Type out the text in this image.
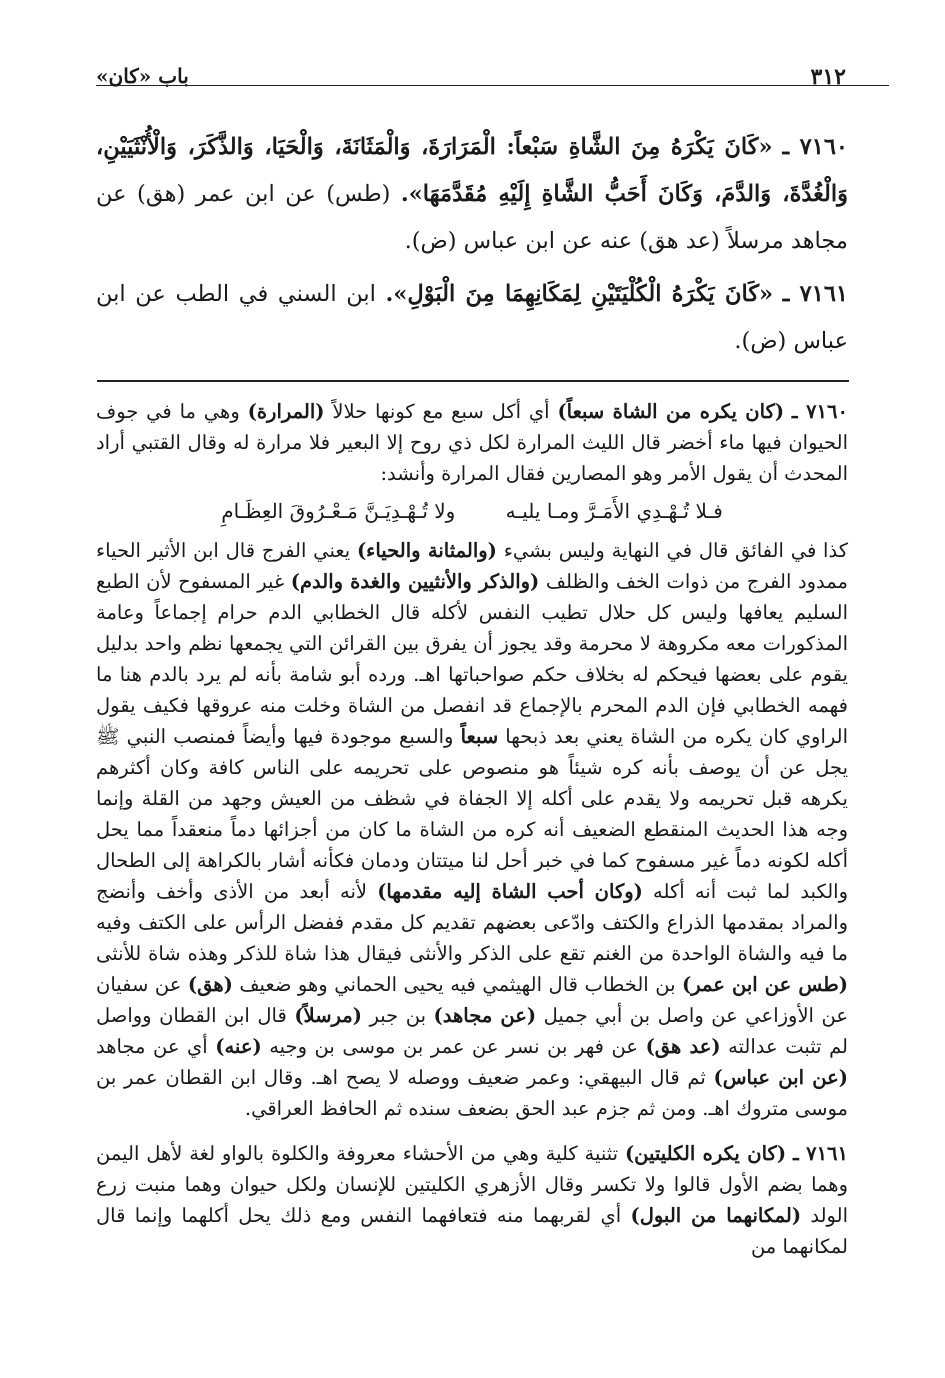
٣١٢
باب «كان»

٧١٦٠ ـ «كَانَ يَكْرَهُ مِنَ الشَّاةِ سَبْعاً: الْمَرَارَةَ، وَالْمَثَانَةَ، وَالْحَيَا، وَالذَّكَرَ، وَالْأُنْثَيَيْنِ، وَالْغُدَّةَ، وَالدَّمَ، وَكَانَ أَحَبُّ الشَّاةِ إِلَيْهِ مُقَدَّمَهَا». (طس) عن ابن عمر (هق) عن مجاهد مرسلاً (عد هق) عنه عن ابن عباس (ض).

٧١٦١ ـ «كَانَ يَكْرَهُ الْكُلْيَتَيْنِ لِمَكَانِهِمَا مِنَ الْبَوْلِ». ابن السني في الطب عن ابن عباس (ض).

٧١٦٠ ـ (كان يكره من الشاة سبعاً) أي أكل سبع مع كونها حلالاً (المرارة) وهي ما في جوف الحيوان فيها ماء أخضر قال الليث المرارة لكل ذي روح إلا البعير فلا مرارة له وقال القتبي أراد المحدث أن يقول الأمر وهو المصارين فقال المرارة وأنشد:

فـلا تُـهْـدِي الأَمَـرَّ ومـا يليـه ولا تُـهْـدِيَـنَّ مَـعْـرُوقَ العِظَـامِ

كذا في الفائق قال في النهاية وليس بشيء (والمثانة والحياء) يعني الفرج قال ابن الأثير الحياء ممدود الفرج من ذوات الخف والظلف (والذكر والأنثيين والغدة والدم) غير المسفوح لأن الطبع السليم يعافها وليس كل حلال تطيب النفس لأكله قال الخطابي الدم حرام إجماعاً وعامة المذكورات معه مكروهة لا محرمة وقد يجوز أن يفرق بين القرائن التي يجمعها نظم واحد بدليل يقوم على بعضها فيحكم له بخلاف حكم صواحباتها اهـ. ورده أبو شامة بأنه لم يرد بالدم هنا ما فهمه الخطابي فإن الدم المحرم بالإجماع قد انفصل من الشاة وخلت منه عروقها فكيف يقول الراوي كان يكره من الشاة يعني بعد ذبحها سبعاً والسبع موجودة فيها وأيضاً فمنصب النبي ﷺ يجل عن أن يوصف بأنه كره شيئاً هو منصوص على تحريمه على الناس كافة وكان أكثرهم يكرهه قبل تحريمه ولا يقدم على أكله إلا الجفاة في شظف من العيش وجهد من القلة وإنما وجه هذا الحديث المنقطع الضعيف أنه كره من الشاة ما كان من أجزائها دماً منعقداً مما يحل أكله لكونه دماً غير مسفوح كما في خبر أحل لنا ميتتان ودمان فكأنه أشار بالكراهة إلى الطحال والكبد لما ثبت أنه أكله (وكان أحب الشاة إليه مقدمها) لأنه أبعد من الأذى وأخف وأنضج والمراد بمقدمها الذراع والكتف وادّعى بعضهم تقديم كل مقدم ففضل الرأس على الكتف وفيه ما فيه والشاة الواحدة من الغنم تقع على الذكر والأنثى فيقال هذا شاة للذكر وهذه شاة للأنثى (طس عن ابن عمر) بن الخطاب قال الهيثمي فيه يحيى الحماني وهو ضعيف (هق) عن سفيان عن الأوزاعي عن واصل بن أبي جميل (عن مجاهد) بن جبر (مرسلاً) قال ابن القطان وواصل لم تثبت عدالته (عد هق) عن فهر بن نسر عن عمر بن موسى بن وجيه (عنه) أي عن مجاهد (عن ابن عباس) ثم قال البيهقي: وعمر ضعيف ووصله لا يصح اهـ. وقال ابن القطان عمر بن موسى متروك اهـ. ومن ثم جزم عبد الحق بضعف سنده ثم الحافظ العراقي.

٧١٦١ ـ (كان يكره الكليتين) تثنية كلية وهي من الأحشاء معروفة والكلوة بالواو لغة لأهل اليمن وهما بضم الأول قالوا ولا تكسر وقال الأزهري الكليتين للإنسان ولكل حيوان وهما منبت زرع الولد (لمكانهما من البول) أي لقربهما منه فتعافهما النفس ومع ذلك يحل أكلهما وإنما قال لمكانهما من
